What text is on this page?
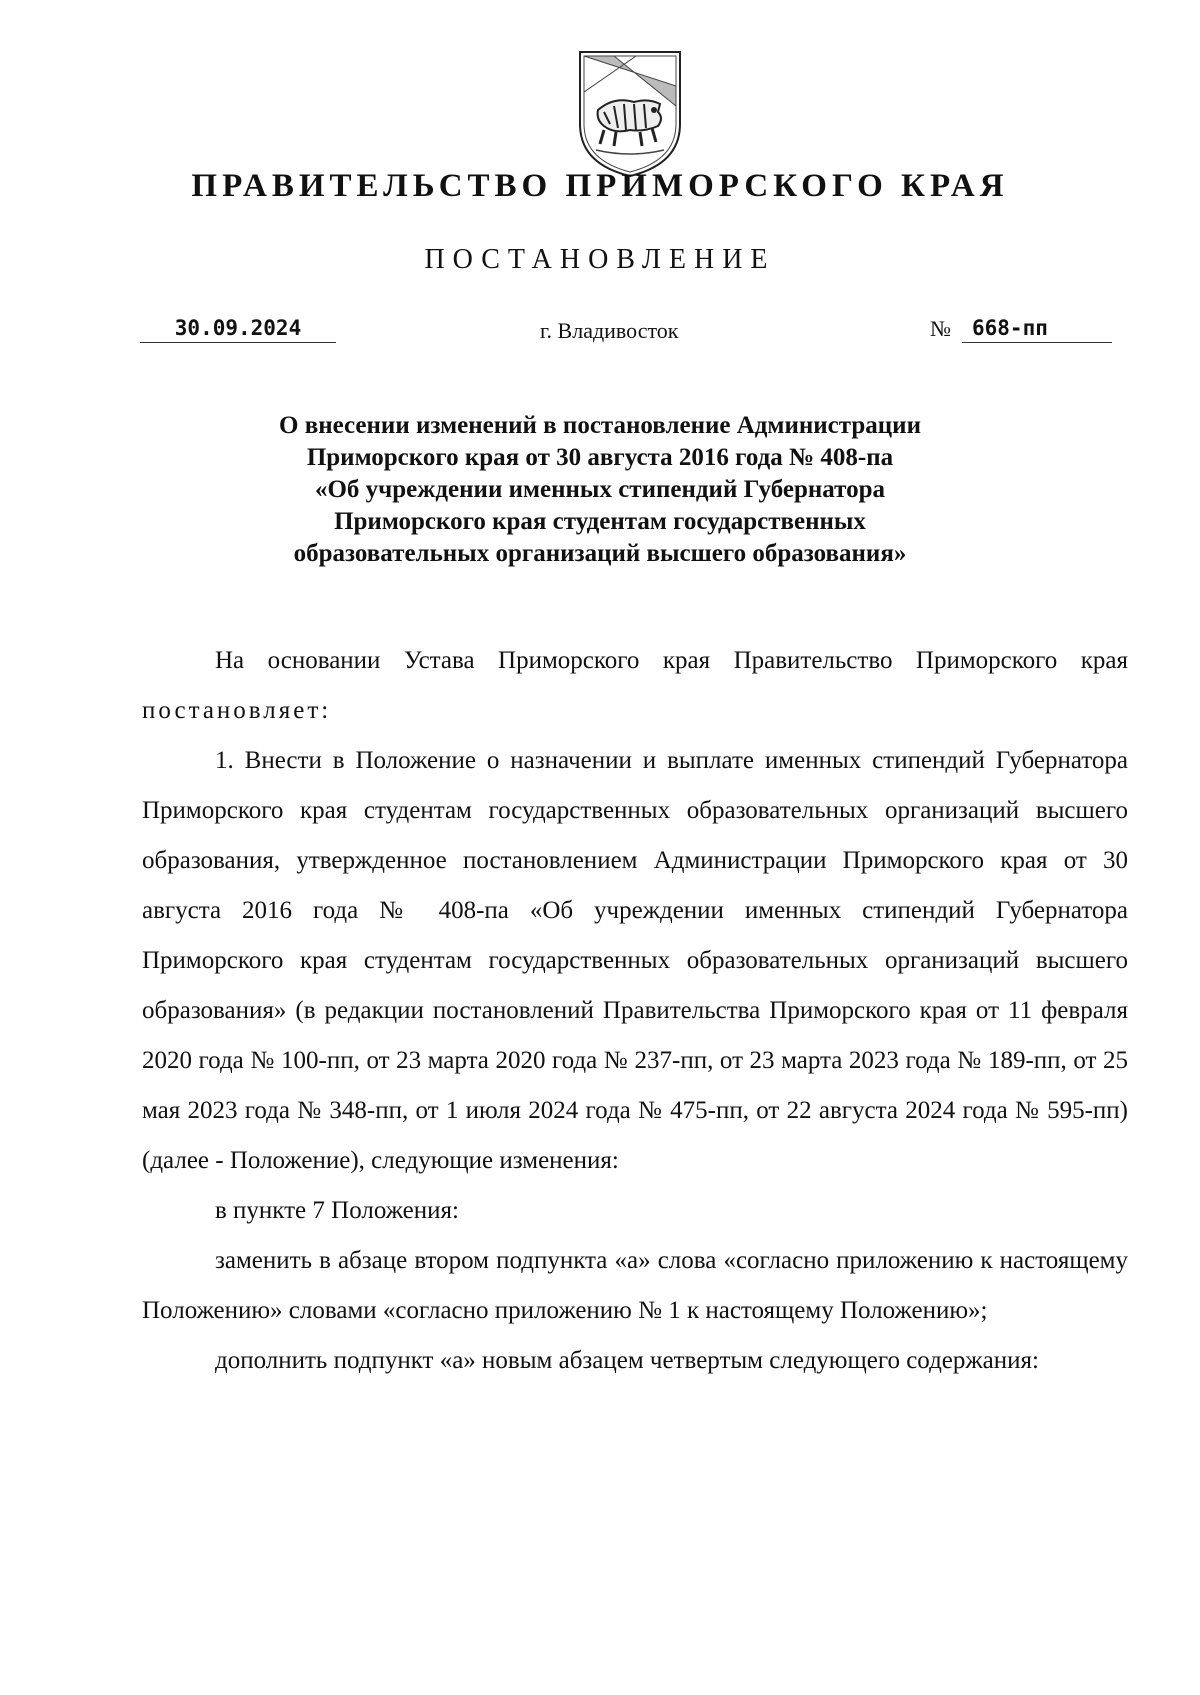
ПРАВИТЕЛЬСТВО ПРИМОРСКОГО КРАЯ
ПОСТАНОВЛЕНИЕ
30.09.2024	г. Владивосток	№	668-пп
О внесении изменений в постановление Администрации
Приморского края от 30 августа 2016 года № 408-па
«Об учреждении именных стипендий Губернатора
Приморского края студентам государственных
образовательных организаций высшего образования»

На основании Устава Приморского края Правительство Приморского края постановляет:

1. Внести в Положение о назначении и выплате именных стипендий Губернатора Приморского края студентам государственных образовательных организаций высшего образования, утвержденное постановлением Администрации Приморского края от 30 августа 2016 года № 408-па «Об учреждении именных стипендий Губернатора Приморского края студентам государственных образовательных организаций высшего образования» (в редакции постановлений Правительства Приморского края от 11 февраля 2020 года № 100-пп, от 23 марта 2020 года № 237-пп, от 23 марта 2023 года № 189-пп, от 25 мая 2023 года № 348-пп, от 1 июля 2024 года № 475-пп, от 22 августа 2024 года № 595-пп) (далее - Положение), следующие изменения:

в пункте 7 Положения:

заменить в абзаце втором подпункта «а» слова «согласно приложению к настоящему Положению» словами «согласно приложению № 1 к настоящему Положению»;

дополнить подпункт «а» новым абзацем четвертым следующего содержания:
